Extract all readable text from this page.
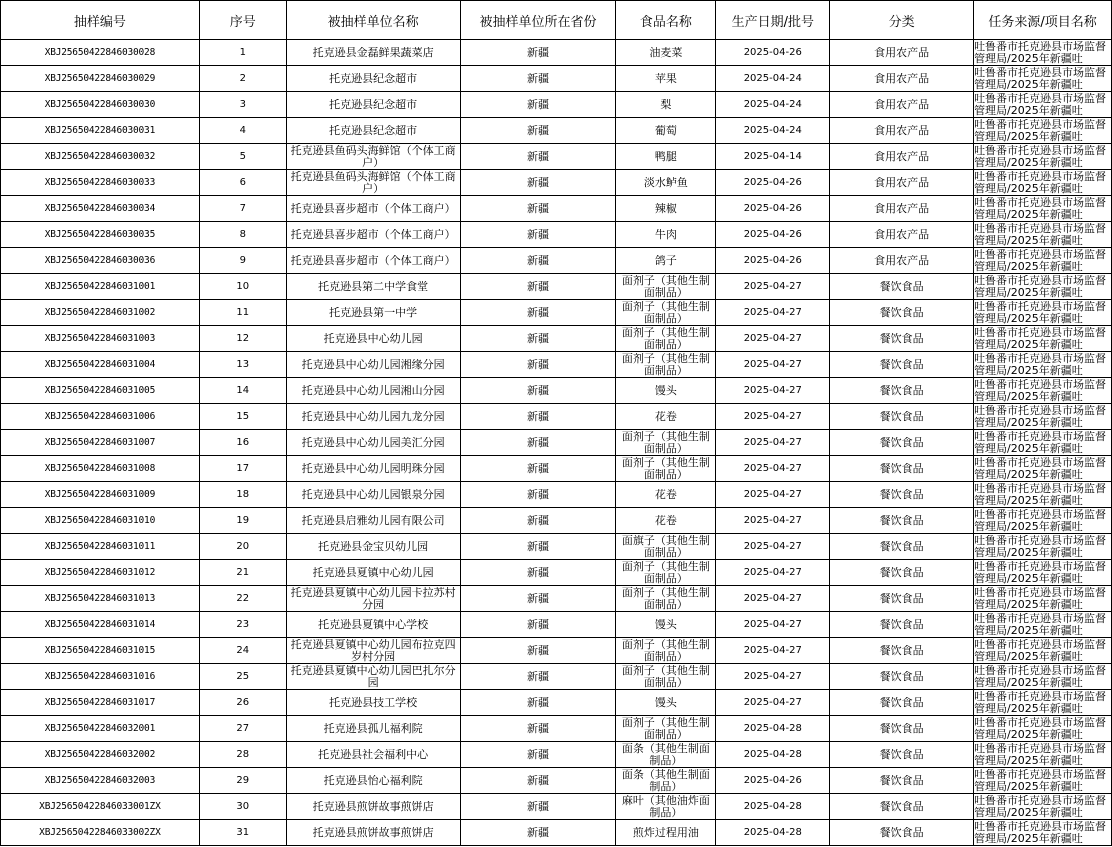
抽样编号	序号	被抽样单位名称	被抽样单位所在省份	食品名称	生产日期/批号	分类	任务来源/项目名称

XBJ25650422846030028	1	托克逊县金磊鲜果蔬菜店	新疆	油麦菜	2025-04-26	食用农产品	吐鲁番市托克逊县市场监督管理局/2025年新疆吐

XBJ25650422846030029	2	托克逊县纪念超市	新疆	苹果	2025-04-24	食用农产品	吐鲁番市托克逊县市场监督管理局/2025年新疆吐

XBJ25650422846030030	3	托克逊县纪念超市	新疆	梨	2025-04-24	食用农产品	吐鲁番市托克逊县市场监督管理局/2025年新疆吐

XBJ25650422846030031	4	托克逊县纪念超市	新疆	葡萄	2025-04-24	食用农产品	吐鲁番市托克逊县市场监督管理局/2025年新疆吐

XBJ25650422846030032	5	托克逊县鱼码头海鲜馆（个体工商户）	新疆	鸭腿	2025-04-14	食用农产品	吐鲁番市托克逊县市场监督管理局/2025年新疆吐

XBJ25650422846030033	6	托克逊县鱼码头海鲜馆（个体工商户）	新疆	淡水鲈鱼	2025-04-26	食用农产品	吐鲁番市托克逊县市场监督管理局/2025年新疆吐

XBJ25650422846030034	7	托克逊县喜步超市（个体工商户）	新疆	辣椒	2025-04-26	食用农产品	吐鲁番市托克逊县市场监督管理局/2025年新疆吐

XBJ25650422846030035	8	托克逊县喜步超市（个体工商户）	新疆	牛肉	2025-04-26	食用农产品	吐鲁番市托克逊县市场监督管理局/2025年新疆吐

XBJ25650422846030036	9	托克逊县喜步超市（个体工商户）	新疆	鸽子	2025-04-26	食用农产品	吐鲁番市托克逊县市场监督管理局/2025年新疆吐

XBJ25650422846031001	10	托克逊县第二中学食堂	新疆	面剂子（其他生制面制品）	2025-04-27	餐饮食品	吐鲁番市托克逊县市场监督管理局/2025年新疆吐

XBJ25650422846031002	11	托克逊县第一中学	新疆	面剂子（其他生制面制品）	2025-04-27	餐饮食品	吐鲁番市托克逊县市场监督管理局/2025年新疆吐

XBJ25650422846031003	12	托克逊县中心幼儿园	新疆	面剂子（其他生制面制品）	2025-04-27	餐饮食品	吐鲁番市托克逊县市场监督管理局/2025年新疆吐

XBJ25650422846031004	13	托克逊县中心幼儿园湘缘分园	新疆	面剂子（其他生制面制品）	2025-04-27	餐饮食品	吐鲁番市托克逊县市场监督管理局/2025年新疆吐

XBJ25650422846031005	14	托克逊县中心幼儿园湘山分园	新疆	馒头	2025-04-27	餐饮食品	吐鲁番市托克逊县市场监督管理局/2025年新疆吐

XBJ25650422846031006	15	托克逊县中心幼儿园九龙分园	新疆	花卷	2025-04-27	餐饮食品	吐鲁番市托克逊县市场监督管理局/2025年新疆吐

XBJ25650422846031007	16	托克逊县中心幼儿园美汇分园	新疆	面剂子（其他生制面制品）	2025-04-27	餐饮食品	吐鲁番市托克逊县市场监督管理局/2025年新疆吐

XBJ25650422846031008	17	托克逊县中心幼儿园明珠分园	新疆	面剂子（其他生制面制品）	2025-04-27	餐饮食品	吐鲁番市托克逊县市场监督管理局/2025年新疆吐

XBJ25650422846031009	18	托克逊县中心幼儿园银泉分园	新疆	花卷	2025-04-27	餐饮食品	吐鲁番市托克逊县市场监督管理局/2025年新疆吐

XBJ25650422846031010	19	托克逊县启雅幼儿园有限公司	新疆	花卷	2025-04-27	餐饮食品	吐鲁番市托克逊县市场监督管理局/2025年新疆吐

XBJ25650422846031011	20	托克逊县金宝贝幼儿园	新疆	面旗子（其他生制面制品）	2025-04-27	餐饮食品	吐鲁番市托克逊县市场监督管理局/2025年新疆吐

XBJ25650422846031012	21	托克逊县夏镇中心幼儿园	新疆	面剂子（其他生制面制品）	2025-04-27	餐饮食品	吐鲁番市托克逊县市场监督管理局/2025年新疆吐

XBJ25650422846031013	22	托克逊县夏镇中心幼儿园卡拉苏村分园	新疆	面剂子（其他生制面制品）	2025-04-27	餐饮食品	吐鲁番市托克逊县市场监督管理局/2025年新疆吐

XBJ25650422846031014	23	托克逊县夏镇中心学校	新疆	馒头	2025-04-27	餐饮食品	吐鲁番市托克逊县市场监督管理局/2025年新疆吐

XBJ25650422846031015	24	托克逊县夏镇中心幼儿园布拉克四岁村分园	新疆	面剂子（其他生制面制品）	2025-04-27	餐饮食品	吐鲁番市托克逊县市场监督管理局/2025年新疆吐

XBJ25650422846031016	25	托克逊县夏镇中心幼儿园巴扎尔分园	新疆	面剂子（其他生制面制品）	2025-04-27	餐饮食品	吐鲁番市托克逊县市场监督管理局/2025年新疆吐

XBJ25650422846031017	26	托克逊县技工学校	新疆	馒头	2025-04-27	餐饮食品	吐鲁番市托克逊县市场监督管理局/2025年新疆吐

XBJ25650422846032001	27	托克逊县孤儿福利院	新疆	面剂子（其他生制面制品）	2025-04-28	餐饮食品	吐鲁番市托克逊县市场监督管理局/2025年新疆吐

XBJ25650422846032002	28	托克逊县社会福利中心	新疆	面条（其他生制面制品）	2025-04-28	餐饮食品	吐鲁番市托克逊县市场监督管理局/2025年新疆吐

XBJ25650422846032003	29	托克逊县怡心福利院	新疆	面条（其他生制面制品）	2025-04-26	餐饮食品	吐鲁番市托克逊县市场监督管理局/2025年新疆吐

XBJ25650422846033001ZX	30	托克逊县煎饼故事煎饼店	新疆	麻叶（其他油炸面制品）	2025-04-28	餐饮食品	吐鲁番市托克逊县市场监督管理局/2025年新疆吐

XBJ25650422846033002ZX	31	托克逊县煎饼故事煎饼店	新疆	煎炸过程用油	2025-04-28	餐饮食品	吐鲁番市托克逊县市场监督管理局/2025年新疆吐
